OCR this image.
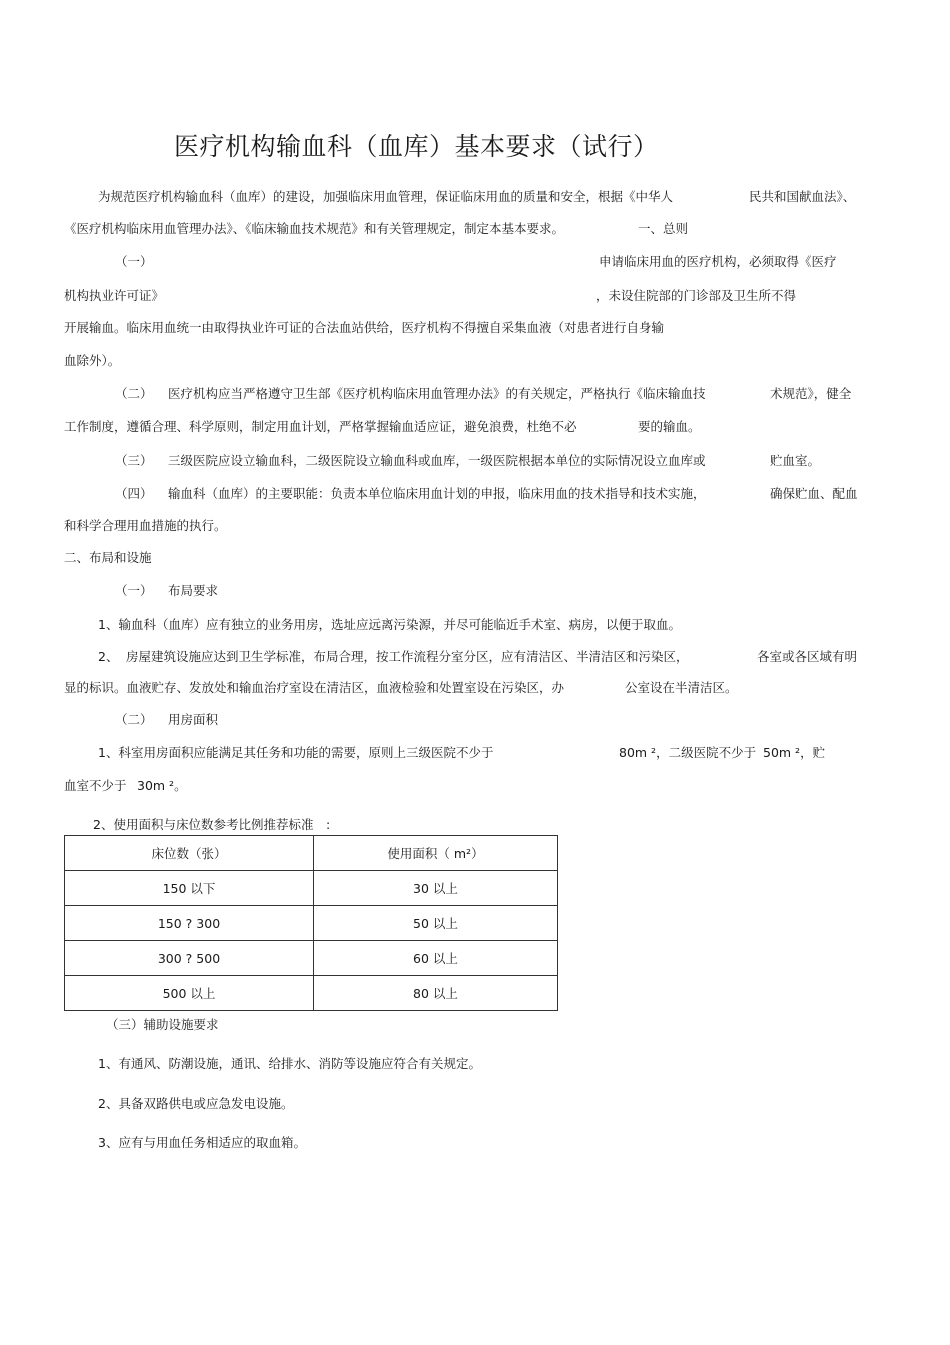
医疗机构输血科（血库）基本要求（试行）
为规范医疗机构输血科（血库）的建设，加强临床用血管理，保证临床用血的质量和安全，根据《中华人	民共和国献血法》、
《医疗机构临床用血管理办法》、《临床输血技术规范》和有关管理规定，制定本基本要求。	一、总则
（一）	申请临床用血的医疗机构，必须取得《医疗
机构执业许可证》	，未设住院部的门诊部及卫生所不得
开展输血。临床用血统一由取得执业许可证的合法血站供给，医疗机构不得擅自采集血液（对患者进行自身输
血除外）。
（二） 医疗机构应当严格遵守卫生部《医疗机构临床用血管理办法》的有关规定，严格执行《临床输血技	术规范》，健全
工作制度，遵循合理、科学原则，制定用血计划，严格掌握输血适应证，避免浪费，杜绝不必	要的输血。
（三） 三级医院应设立输血科，二级医院设立输血科或血库，一级医院根据本单位的实际情况设立血库或	贮血室。
（四） 输血科（血库）的主要职能：负责本单位临床用血计划的申报，临床用血的技术指导和技术实施，	确保贮血、配血
和科学合理用血措施的执行。
二、布局和设施
（一） 布局要求
1、输血科（血库）应有独立的业务用房，选址应远离污染源，并尽可能临近手术室、病房，以便于取血。
2、 房屋建筑设施应达到卫生学标准，布局合理，按工作流程分室分区，应有清洁区、半清洁区和污染区，	各室或各区域有明
显的标识。血液贮存、发放处和输血治疗室设在清洁区，血液检验和处置室设在污染区，办	公室设在半清洁区。
（二） 用房面积
1、科室用房面积应能满足其任务和功能的需要，原则上三级医院不少于	80m ²，二级医院不少于 50m ²，贮
血室不少于 30m ²。
2、使用面积与床位数参考比例推荐标准　:
床位数（张）	使用面积（ m²）
150 以下	30 以上
150 ? 300	50 以上
300 ? 500	60 以上
500 以上	80 以上
（三）辅助设施要求
1、有通风、防潮设施，通讯、给排水、消防等设施应符合有关规定。
2、具备双路供电或应急发电设施。
3、应有与用血任务相适应的取血箱。
